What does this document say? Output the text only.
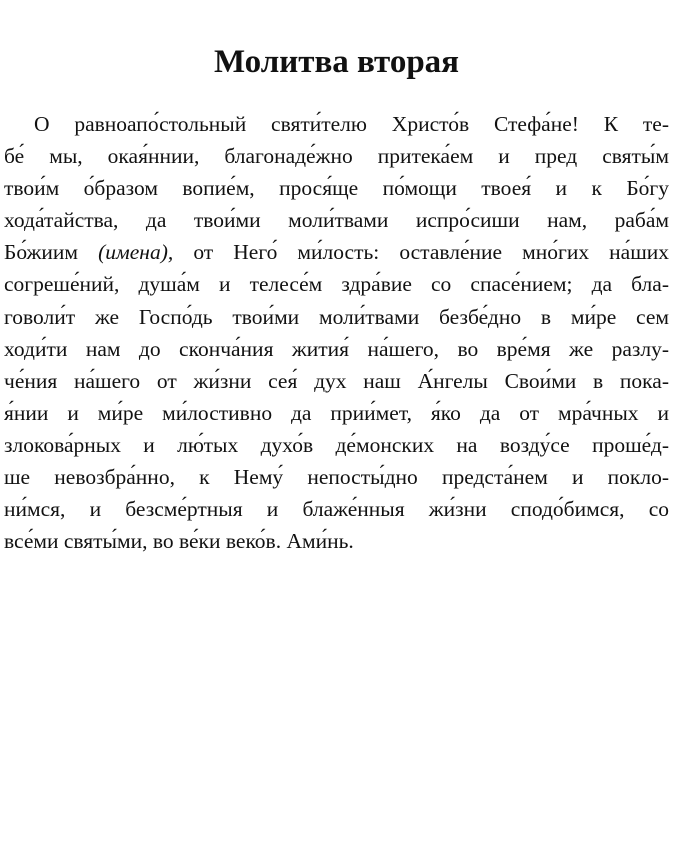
Молитва вторая
О равноапо́стольный святи́телю Христо́в Стефа́не! К те-
бе́ мы, окая́ннии, благонаде́жно притека́ем и пред святы́м
твои́м о́бразом вопие́м, прося́ще по́мощи твоея́ и к Бо́гу
хода́тайства, да твои́ми моли́твами испро́сиши нам, раба́м
Бо́жиим (имена), от Него́ ми́лость: оставле́ние мно́гих на́ших
согреше́ний, душа́м и телесе́м здра́вие со спасе́нием; да бла-
говоли́т же Госпо́дь твои́ми моли́твами безбе́дно в ми́ре сем
ходи́ти нам до сконча́ния жития́ на́шего, во вре́мя же разлу-
че́ния на́шего от жи́зни сея́ дух наш А́нгелы Свои́ми в пока-
я́нии и ми́ре ми́лостивно да прии́мет, я́ко да от мра́чных и
злокова́рных и лю́тых духо́в де́монских на возду́се проше́д-
ше невозбра́нно, к Нему́ непосты́дно предста́нем и покло-
ни́мся, и безсме́ртныя и блаже́нныя жи́зни сподо́бимся, со
все́ми святы́ми, во ве́ки веко́в. Ами́нь.
